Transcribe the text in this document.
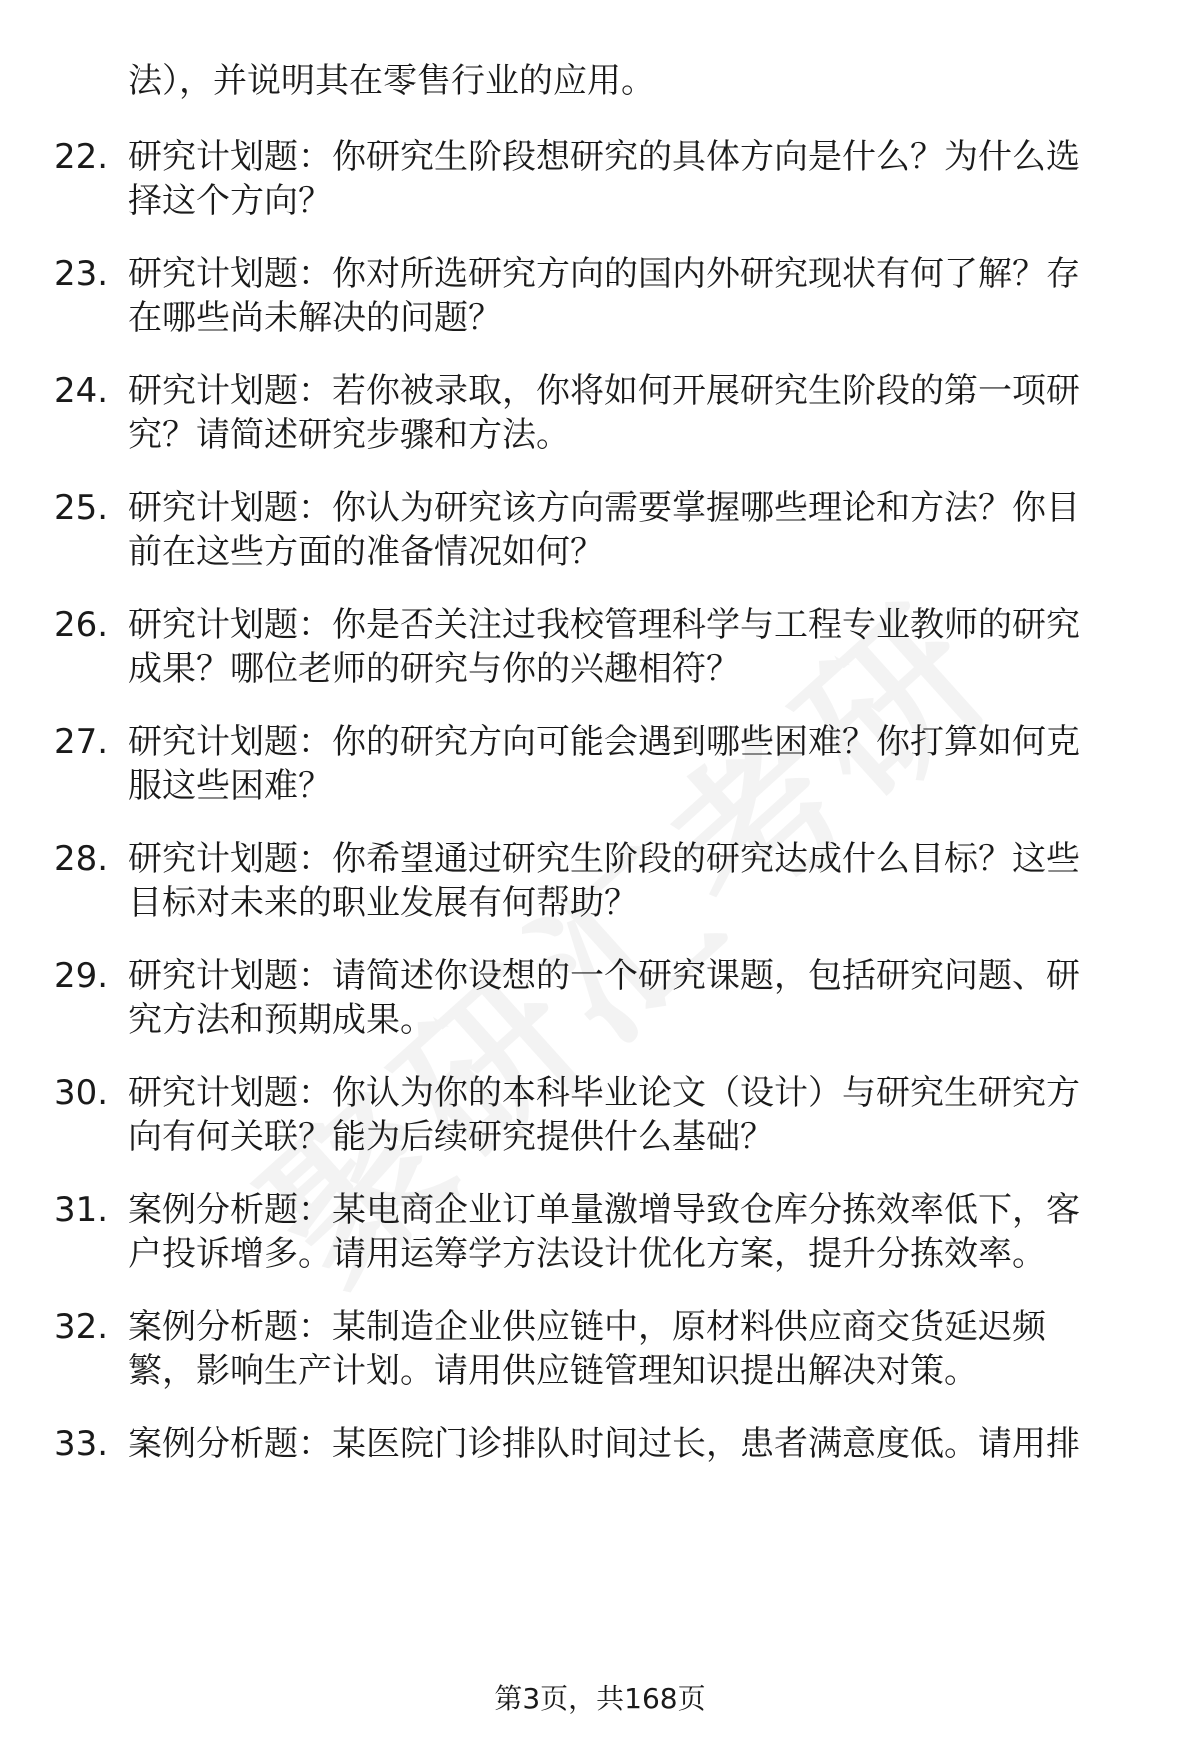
法），并说明其在零售行业的应用。
22. 研究计划题：你研究生阶段想研究的具体方向是什么？为什么选
择这个方向？
23. 研究计划题：你对所选研究方向的国内外研究现状有何了解？存
在哪些尚未解决的问题？
24. 研究计划题：若你被录取，你将如何开展研究生阶段的第一项研
究？请简述研究步骤和方法。
25. 研究计划题：你认为研究该方向需要掌握哪些理论和方法？你目
前在这些方面的准备情况如何？
26. 研究计划题：你是否关注过我校管理科学与工程专业教师的研究
成果？哪位老师的研究与你的兴趣相符？
27. 研究计划题：你的研究方向可能会遇到哪些困难？你打算如何克
服这些困难？
28. 研究计划题：你希望通过研究生阶段的研究达成什么目标？这些
目标对未来的职业发展有何帮助？
29. 研究计划题：请简述你设想的一个研究课题，包括研究问题、研
究方法和预期成果。
30. 研究计划题：你认为你的本科毕业论文（设计）与研究生研究方
向有何关联？能为后续研究提供什么基础？
31. 案例分析题：某电商企业订单量激增导致仓库分拣效率低下，客
户投诉增多。请用运筹学方法设计优化方案，提升分拣效率。
32. 案例分析题：某制造企业供应链中，原材料供应商交货延迟频
繁，影响生产计划。请用供应链管理知识提出解决对策。
33. 案例分析题：某医院门诊排队时间过长，患者满意度低。请用排
第3页，共168页
